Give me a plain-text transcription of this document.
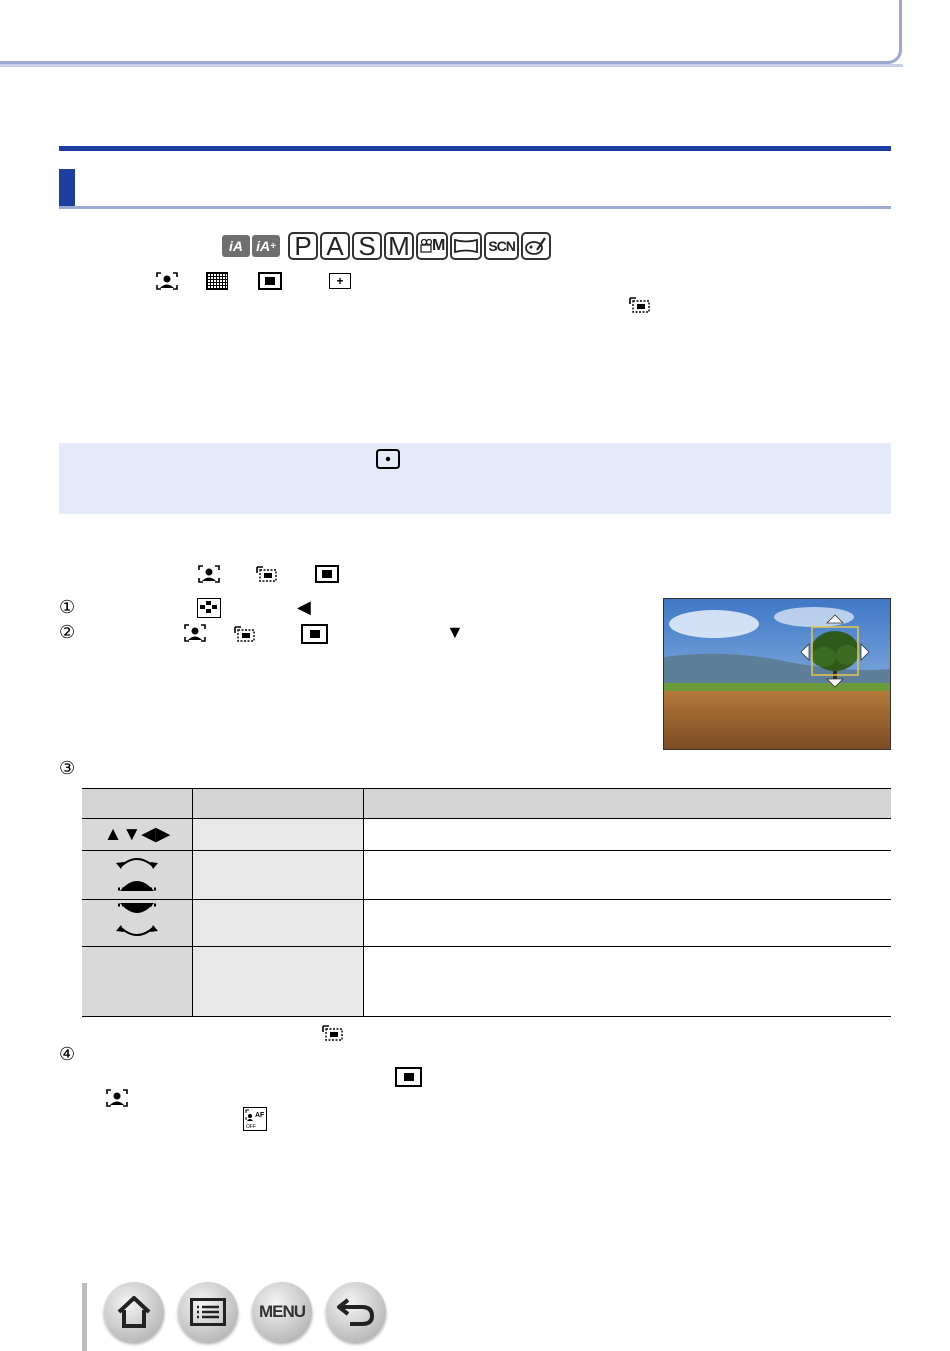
iA iA + P A S M M	SCN
+
①	◀
②	▼
③

▲▼◀▶		

④
AF
OFF
MENU
